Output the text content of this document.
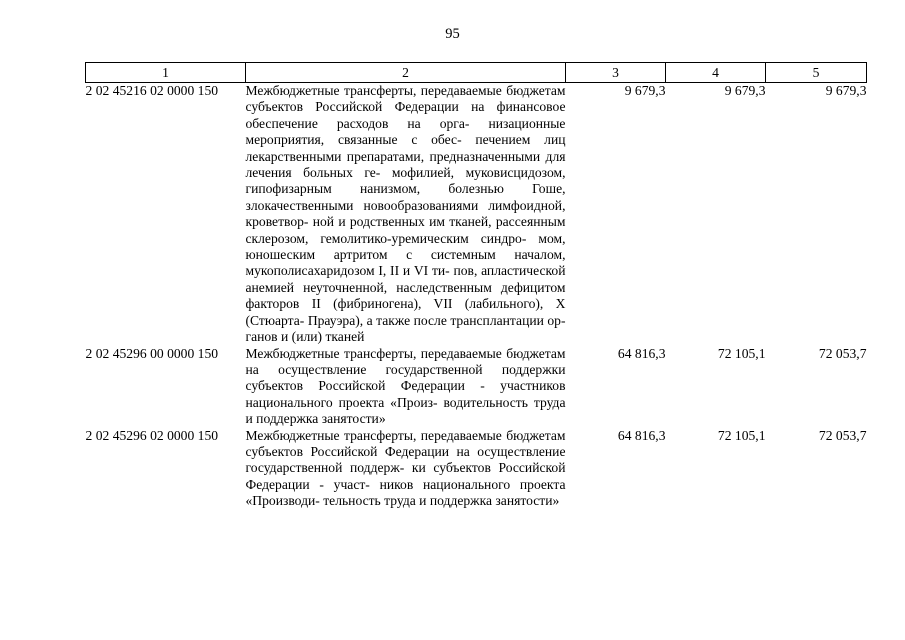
95
1	2	3	4	5
2 02 45216 02 0000 150	Межбюджетные трансферты, передаваемые бюджетам субъектов Российской Федерации на финансовое обеспечение расходов на орга- низационные мероприятия, связанные с обес- печением лиц лекарственными препаратами, предназначенными для лечения больных ге- мофилией, муковисцидозом, гипофизарным нанизмом, болезнью Гоше, злокачественными новообразованиями лимфоидной, кроветвор- ной и родственных им тканей, рассеянным склерозом, гемолитико-уремическим синдро- мом, юношеским артритом с системным началом, мукополисахаридозом I, II и VI ти- пов, апластической анемией неуточненной, наследственным дефицитом факторов II (фибриногена), VII (лабильного), X (Стюарта- Прауэра), а также после трансплантации ор- ганов и (или) тканей	9 679,3	9 679,3	9 679,3
2 02 45296 00 0000 150	Межбюджетные трансферты, передаваемые бюджетам на осуществление государственной поддержки субъектов Российской Федерации - участников национального проекта «Произ- водительность труда и поддержка занятости»	64 816,3	72 105,1	72 053,7
2 02 45296 02 0000 150	Межбюджетные трансферты, передаваемые бюджетам субъектов Российской Федерации на осуществление государственной поддерж- ки субъектов Российской Федерации - участ- ников национального проекта «Производи- тельность труда и поддержка занятости»	64 816,3	72 105,1	72 053,7
